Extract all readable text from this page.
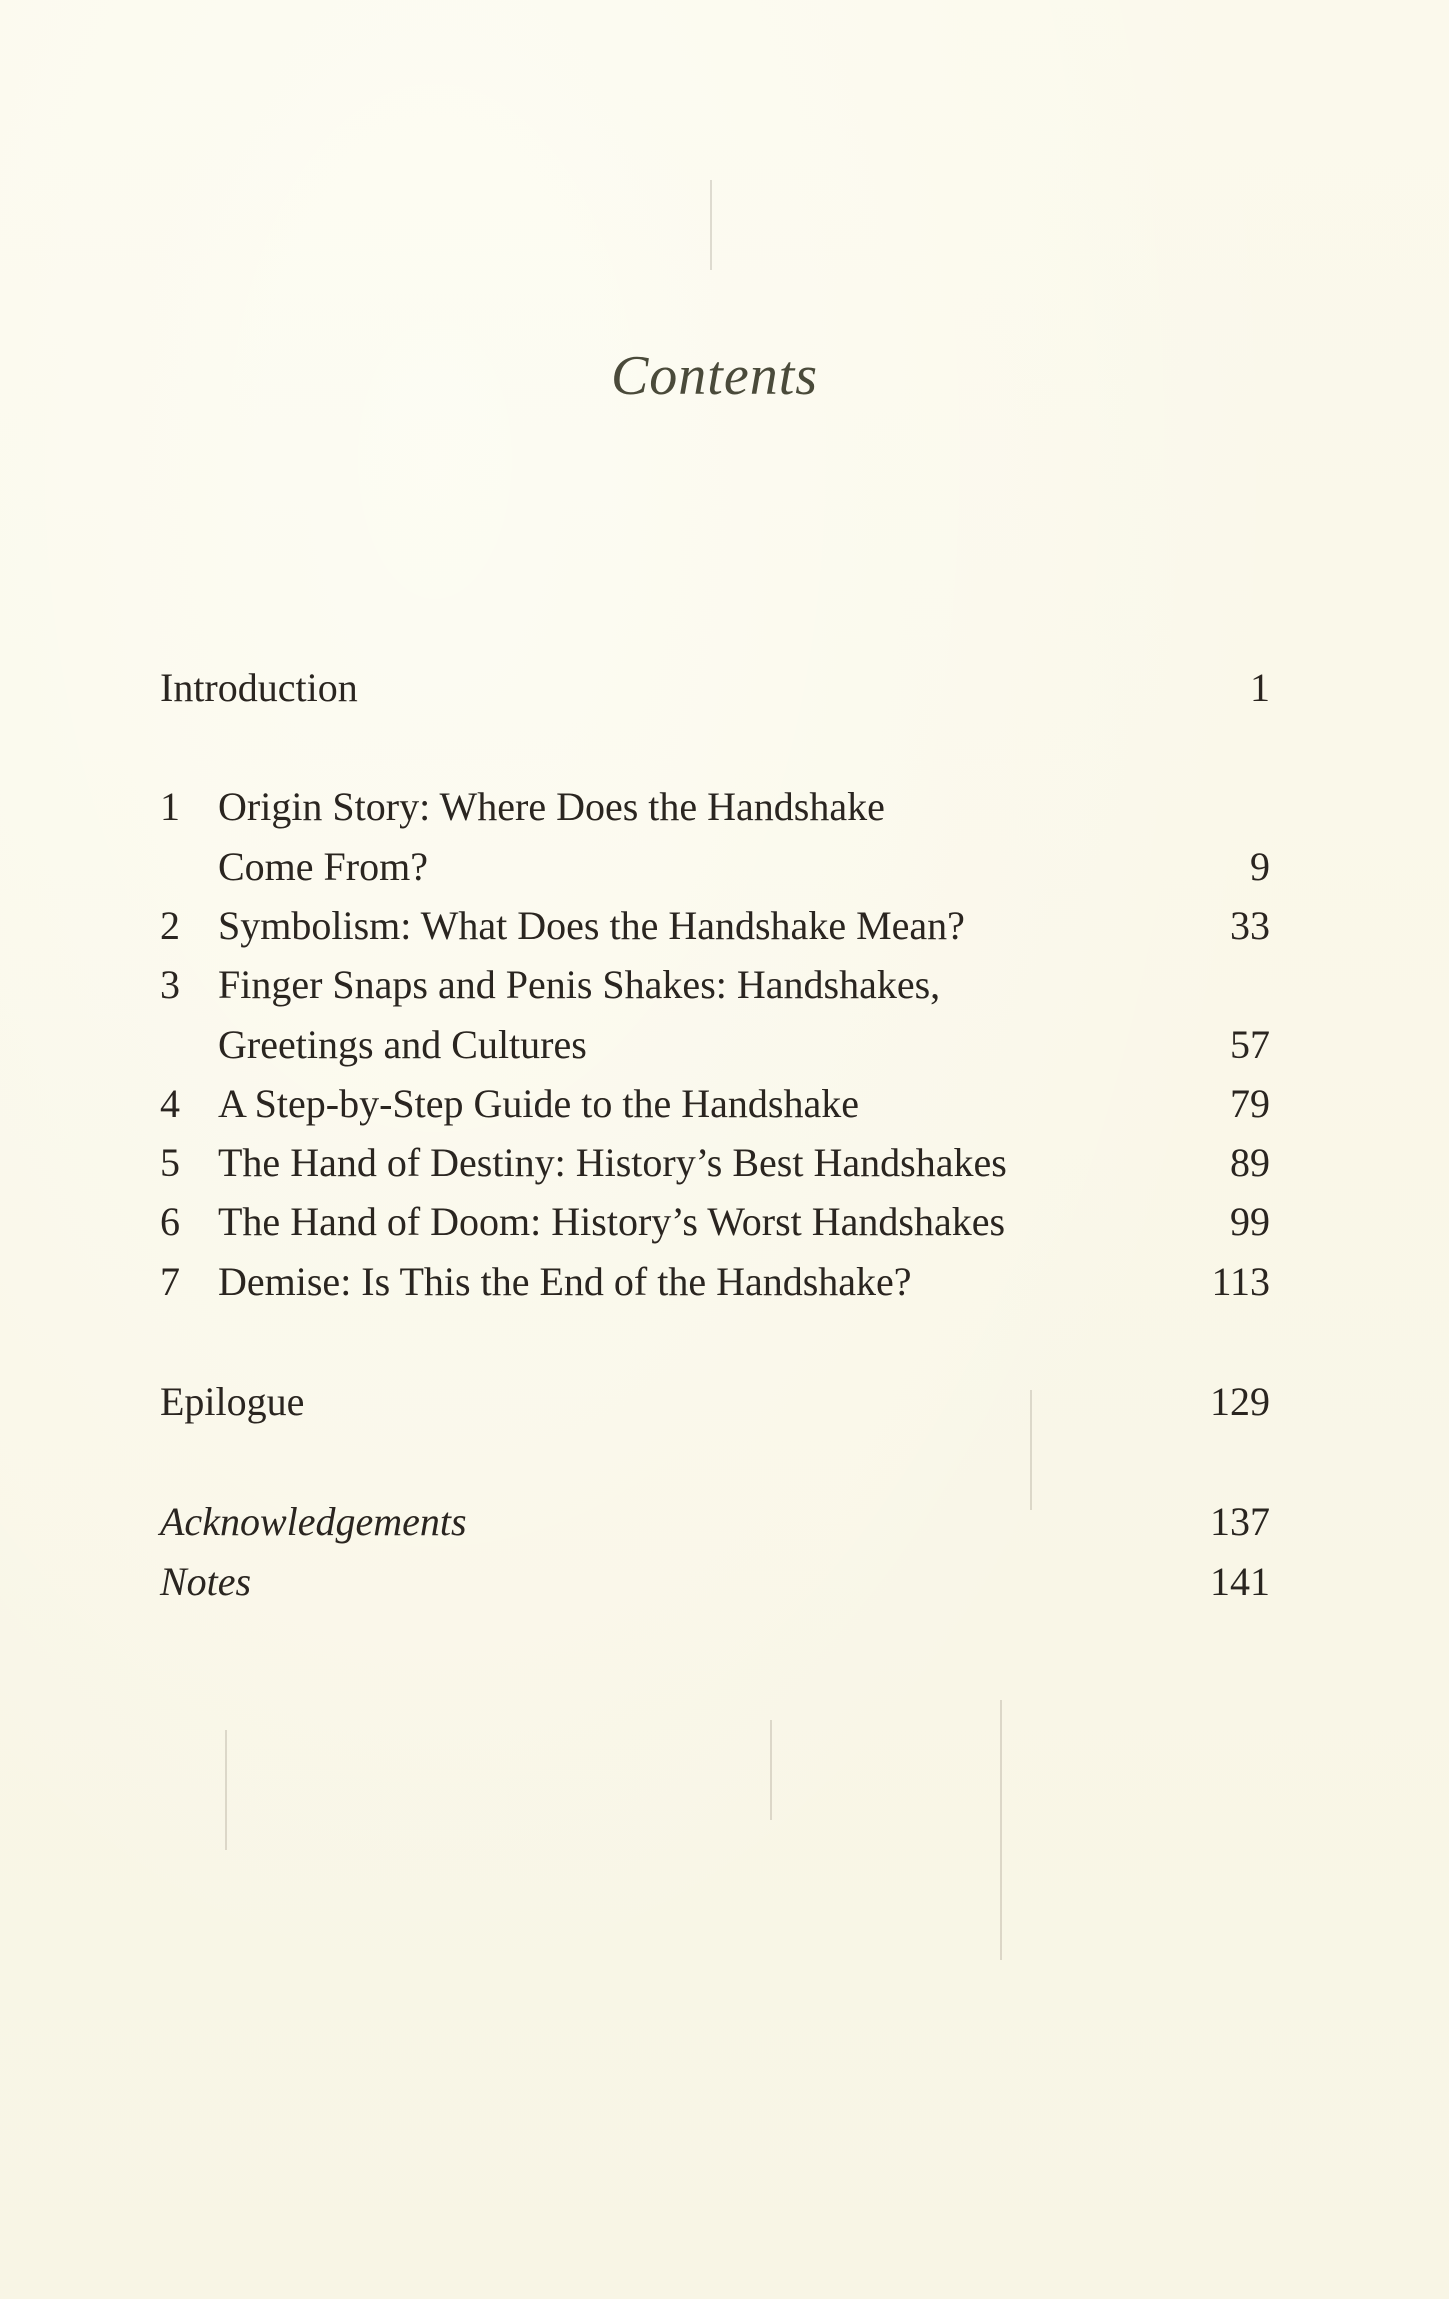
Contents
Introduction	1
1 Origin Story: Where Does the Handshake
Come From?	9
2 Symbolism: What Does the Handshake Mean?	33
3 Finger Snaps and Penis Shakes: Handshakes,
Greetings and Cultures	57
4 A Step-by-Step Guide to the Handshake	79
5 The Hand of Destiny: History’s Best Handshakes	89
6 The Hand of Doom: History’s Worst Handshakes	99
7 Demise: Is This the End of the Handshake?	113
Epilogue	129
Acknowledgements	137
Notes	141
